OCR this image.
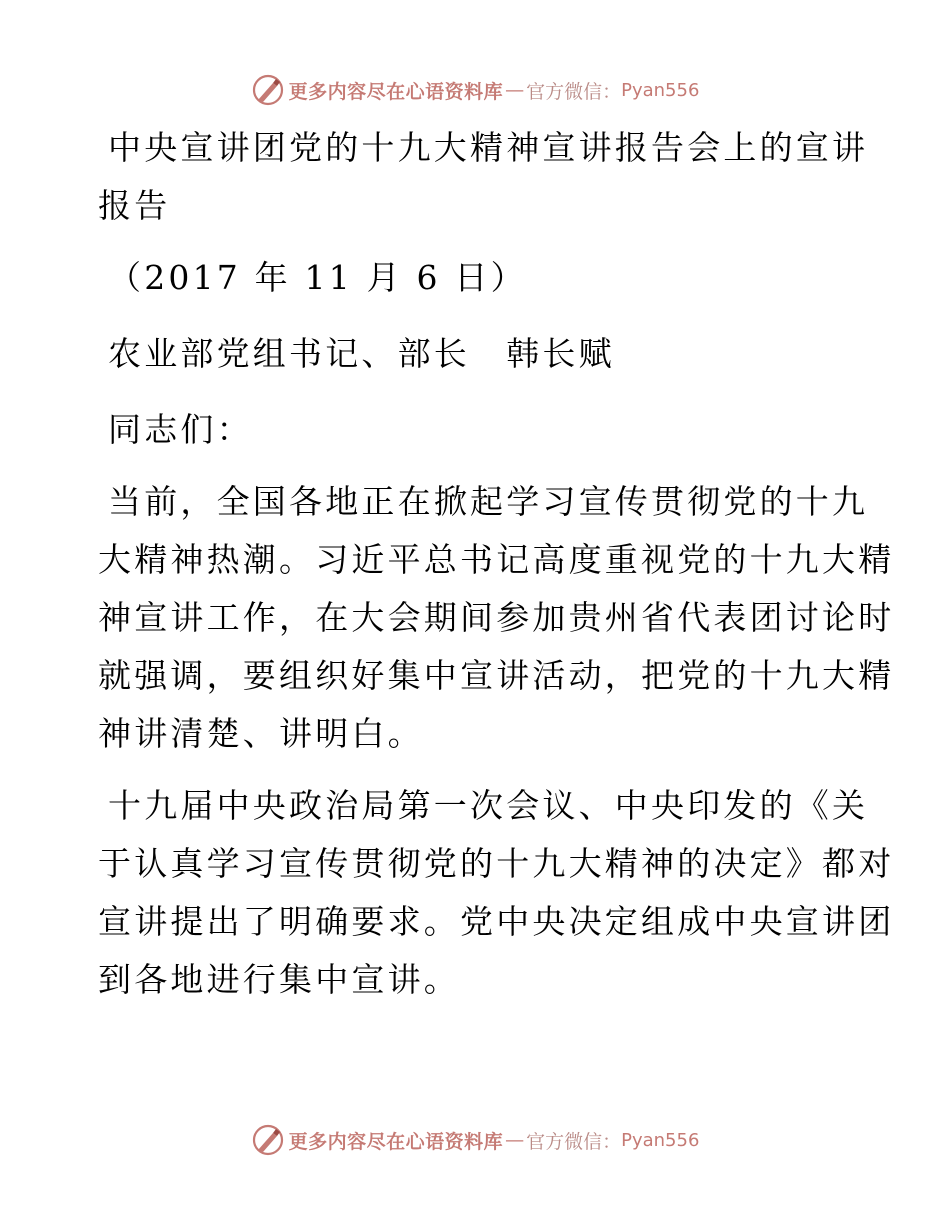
更多内容尽在心语资料库 — 官方微信： Pyan556
中央宣讲团党的十九大精神宣讲报告会上的宣讲
报告
（2017 年 11 月 6 日）
农业部党组书记、部长　韩长赋
同志们：
当前，全国各地正在掀起学习宣传贯彻党的十九
大精神热潮。习近平总书记高度重视党的十九大精
神宣讲工作，在大会期间参加贵州省代表团讨论时
就强调，要组织好集中宣讲活动，把党的十九大精
神讲清楚、讲明白。
十九届中央政治局第一次会议、中央印发的《关
于认真学习宣传贯彻党的十九大精神的决定》都对
宣讲提出了明确要求。党中央决定组成中央宣讲团
到各地进行集中宣讲。
更多内容尽在心语资料库 — 官方微信： Pyan556
